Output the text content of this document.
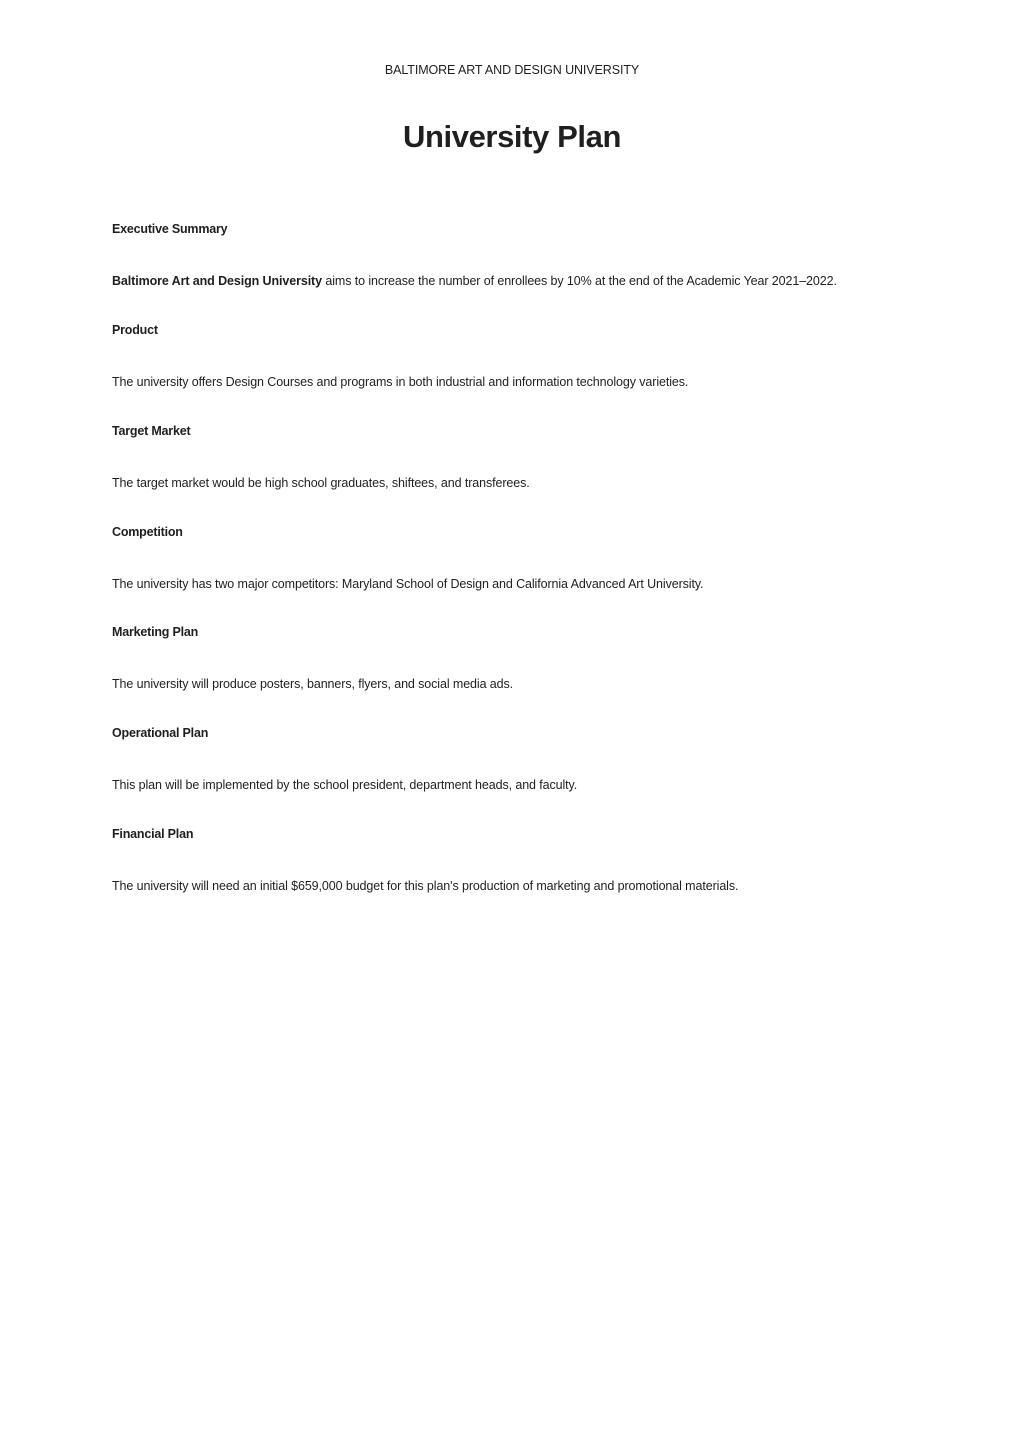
BALTIMORE ART AND DESIGN UNIVERSITY
University Plan
Executive Summary
Baltimore Art and Design University aims to increase the number of enrollees by 10% at the end of the Academic Year 2021–2022.
Product
The university offers Design Courses and programs in both industrial and information technology varieties.
Target Market
The target market would be high school graduates, shiftees, and transferees.
Competition
The university has two major competitors: Maryland School of Design and California Advanced Art University.
Marketing Plan
The university will produce posters, banners, flyers, and social media ads.
Operational Plan
This plan will be implemented by the school president, department heads, and faculty.
Financial Plan
The university will need an initial $659,000 budget for this plan's production of marketing and promotional materials.
